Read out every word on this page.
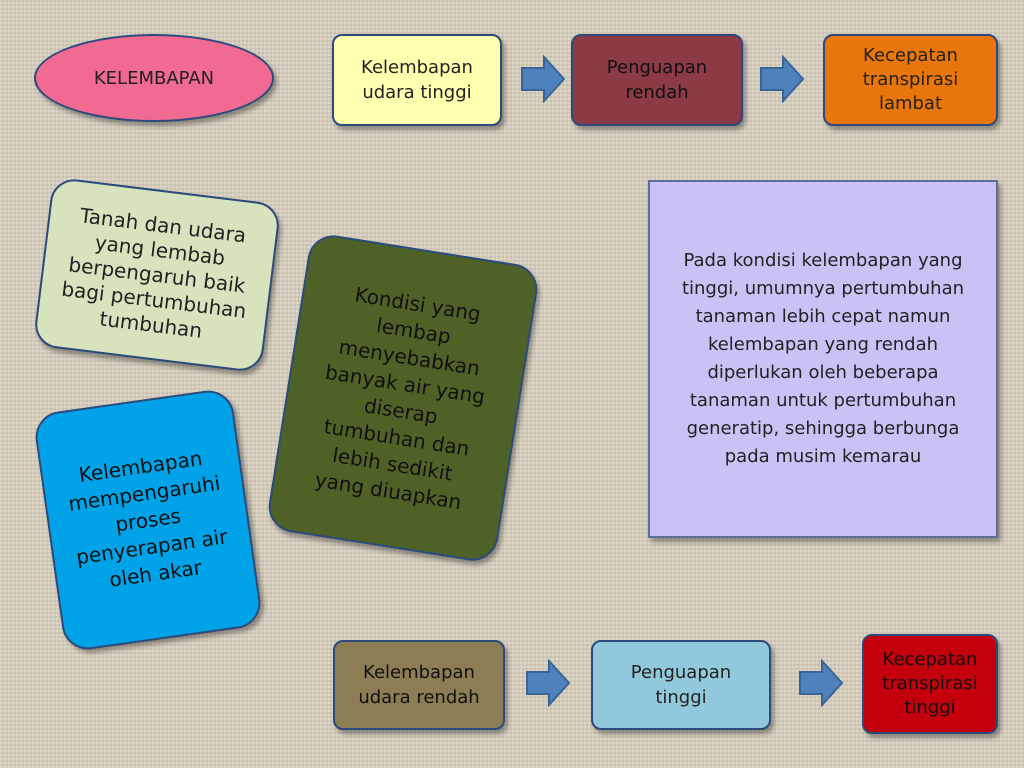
KELEMBAPAN	Kelembapan
udara tinggi
Penguapan
rendah
Kecepatan
transpirasi
lambat
Tanah dan udara
yang lembab
berpengaruh baik
bagi pertumbuhan
tumbuhan	Kondisi yang
lembap
menyebabkan
banyak air yang
diserap
tumbuhan dan
lebih sedikit
yang diuapkan
Kelembapan
mempengaruhi
proses
penyerapan air
oleh akar
Pada kondisi kelembapan yang
tinggi, umumnya pertumbuhan
tanaman lebih cepat namun
kelembapan yang rendah
diperlukan oleh beberapa
tanaman untuk pertumbuhan
generatip, sehingga berbunga
pada musim kemarau
Kelembapan
udara rendah
Penguapan
tinggi
Kecepatan
transpirasi
tinggi
